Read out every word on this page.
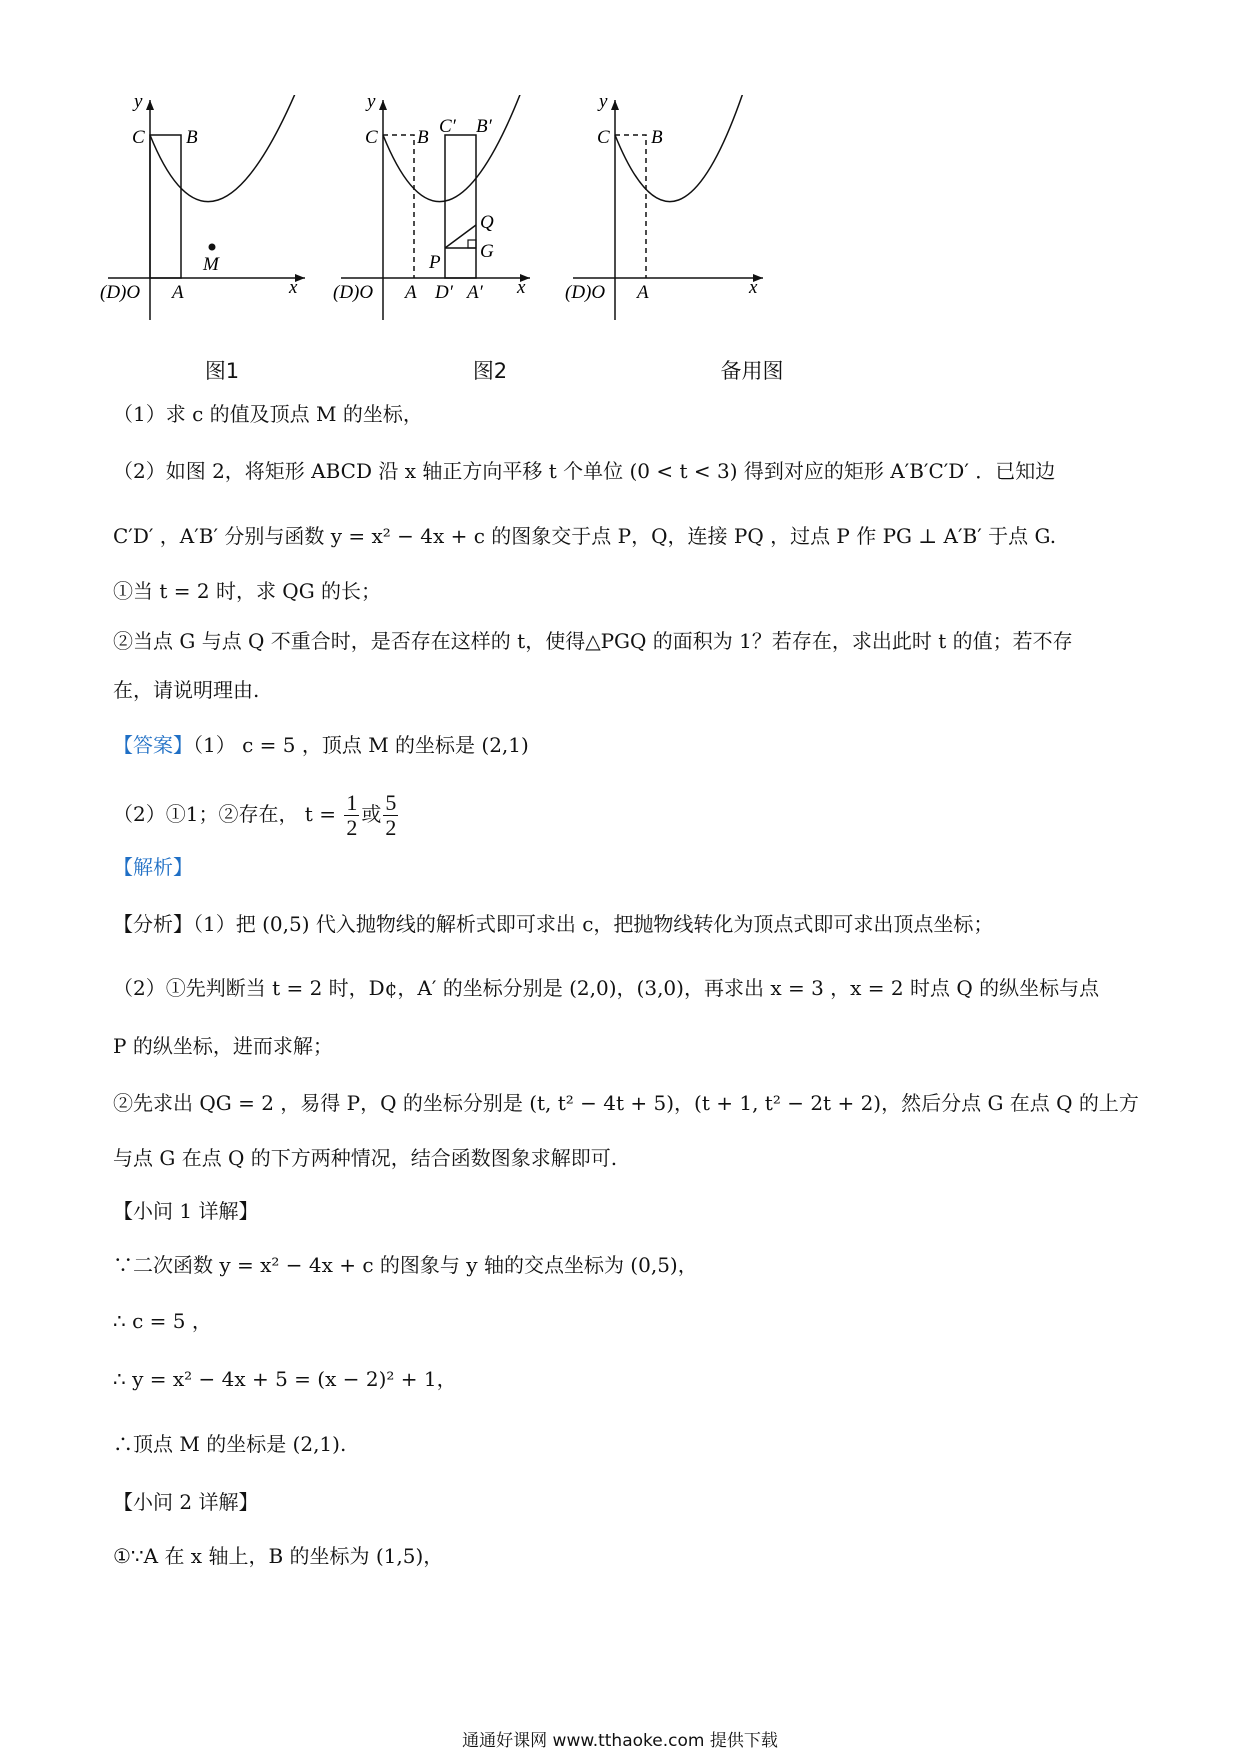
y
C B
M
(D)O A	x
图1
y
C B
C′ B′
Q
G
P
(D)O A D′ A′ x
图2
y
C B
(D)O A	x
备用图
（1）求 c 的值及顶点 M 的坐标，
（2）如图 2，将矩形 ABCD 沿 x 轴正方向平移 t 个单位 (0 < t < 3) 得到对应的矩形 A′B′C′D′ ．已知边
C′D′ ，A′B′ 分别与函数 y = x² − 4x + c 的图象交于点 P，Q，连接 PQ ，过点 P 作 PG ⊥ A′B′ 于点 G.
①当 t = 2 时，求 QG 的长；
②当点 G 与点 Q 不重合时，是否存在这样的 t，使得△PGQ 的面积为 1？若存在，求出此时 t 的值；若不存
在，请说明理由.
【答案】（1） c = 5 ，顶点 M 的坐标是 (2,1)
（2）①1；②存在， $t = \frac{1}{2}$ 或 $\frac{5}{2}$
【解析】
【分析】（1）把 (0,5) 代入抛物线的解析式即可求出 c，把抛物线转化为顶点式即可求出顶点坐标；
（2）①先判断当 t = 2 时，D¢，A′ 的坐标分别是 (2,0)，(3,0)，再求出 x = 3 ，x = 2 时点 Q 的纵坐标与点
P 的纵坐标，进而求解；
②先求出 QG = 2 ，易得 P，Q 的坐标分别是 (t, t² − 4t + 5)，(t + 1, t² − 2t + 2)，然后分点 G 在点 Q 的上方
与点 G 在点 Q 的下方两种情况，结合函数图象求解即可.
【小问 1 详解】
∵二次函数 y = x² − 4x + c 的图象与 y 轴的交点坐标为 (0,5)，
∴ c = 5 ，
∴ y = x² − 4x + 5 = (x − 2)² + 1，
∴顶点 M 的坐标是 (2,1).
【小问 2 详解】
①∵A 在 x 轴上，B 的坐标为 (1,5)，
通通好课网 www.tthaoke.com 提供下载
